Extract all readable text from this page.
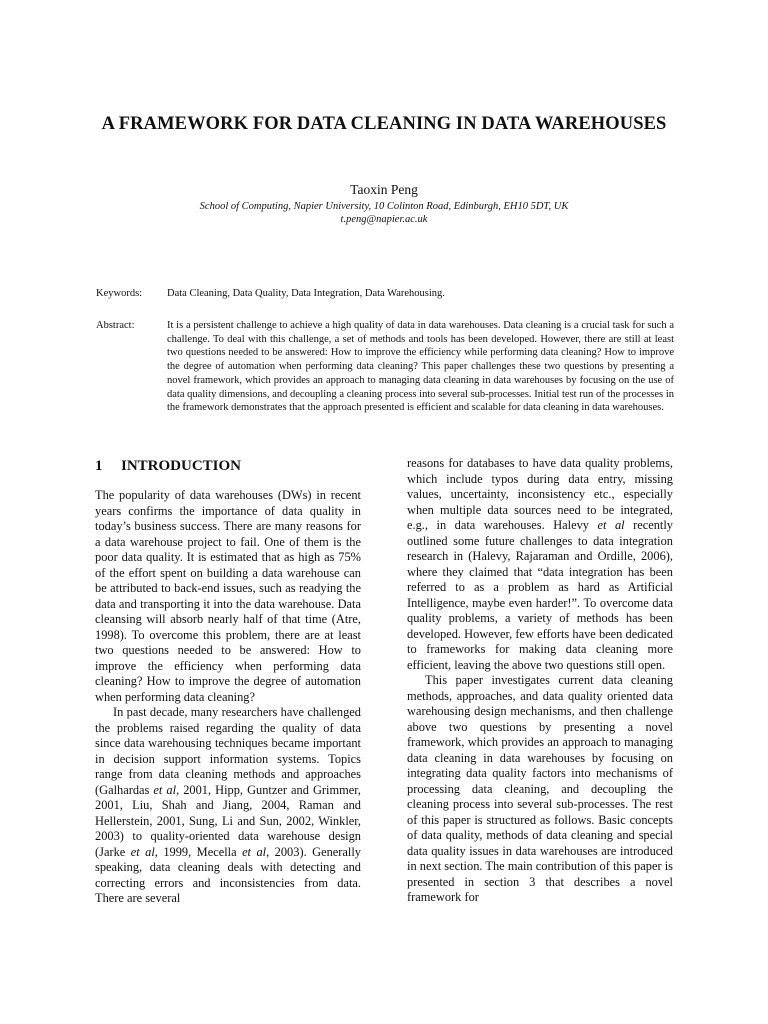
A FRAMEWORK FOR DATA CLEANING IN DATA WAREHOUSES
Taoxin Peng
School of Computing, Napier University, 10 Colinton Road, Edinburgh, EH10 5DT, UK
t.peng@napier.ac.uk
Keywords: Data Cleaning, Data Quality, Data Integration, Data Warehousing.
Abstract:	It is a persistent challenge to achieve a high quality of data in data warehouses. Data cleaning is a crucial task for such a challenge. To deal with this challenge, a set of methods and tools has been developed. However, there are still at least two questions needed to be answered: How to improve the efficiency while performing data cleaning? How to improve the degree of automation when performing data cleaning? This paper challenges these two questions by presenting a novel framework, which provides an approach to managing data cleaning in data warehouses by focusing on the use of data quality dimensions, and decoupling a cleaning process into several sub-processes. Initial test run of the processes in the framework demonstrates that the approach presented is efficient and scalable for data cleaning in data warehouses.
1 INTRODUCTION

The popularity of data warehouses (DWs) in recent years confirms the importance of data quality in today’s business success. There are many reasons for a data warehouse project to fail. One of them is the poor data quality. It is estimated that as high as 75% of the effort spent on building a data warehouse can be attributed to back-end issues, such as readying the data and transporting it into the data warehouse. Data cleansing will absorb nearly half of that time (Atre, 1998). To overcome this problem, there are at least two questions needed to be answered: How to improve the efficiency when performing data cleaning? How to improve the degree of automation when performing data cleaning?

In past decade, many researchers have challenged the problems raised regarding the quality of data since data warehousing techniques became important in decision support information systems. Topics range from data cleaning methods and approaches (Galhardas et al, 2001, Hipp, Guntzer and Grimmer, 2001, Liu, Shah and Jiang, 2004, Raman and Hellerstein, 2001, Sung, Li and Sun, 2002, Winkler, 2003) to quality-oriented data warehouse design (Jarke et al, 1999, Mecella et al, 2003). Generally speaking, data cleaning deals with detecting and correcting errors and inconsistencies from data. There are several

reasons for databases to have data quality problems, which include typos during data entry, missing values, uncertainty, inconsistency etc., especially when multiple data sources need to be integrated, e.g., in data warehouses. Halevy et al recently outlined some future challenges to data integration research in (Halevy, Rajaraman and Ordille, 2006), where they claimed that “data integration has been referred to as a problem as hard as Artificial Intelligence, maybe even harder!”. To overcome data quality problems, a variety of methods has been developed. However, few efforts have been dedicated to frameworks for making data cleaning more efficient, leaving the above two questions still open.

This paper investigates current data cleaning methods, approaches, and data quality oriented data warehousing design mechanisms, and then challenge above two questions by presenting a novel framework, which provides an approach to managing data cleaning in data warehouses by focusing on integrating data quality factors into mechanisms of processing data cleaning, and decoupling the cleaning process into several sub-processes. The rest of this paper is structured as follows. Basic concepts of data quality, methods of data cleaning and special data quality issues in data warehouses are introduced in next section. The main contribution of this paper is presented in section 3 that describes a novel framework for
